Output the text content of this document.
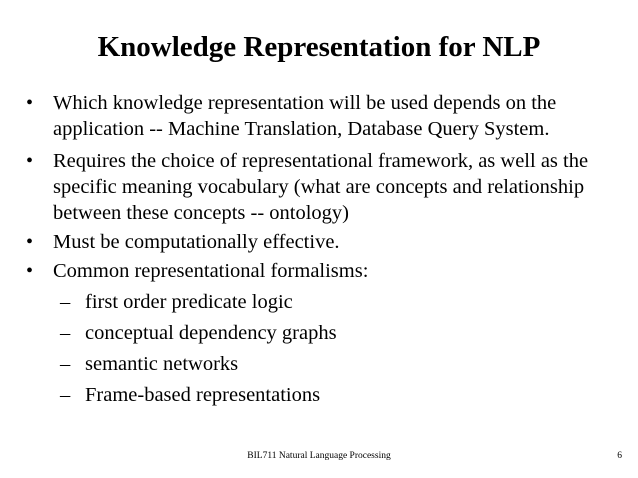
Knowledge Representation for NLP
• Which knowledge representation will be used depends on the
application -- Machine Translation, Database Query System.
• Requires the choice of representational framework, as well as the
specific meaning vocabulary (what are concepts and relationship
between these concepts -- ontology)
• Must be computationally effective.
• Common representational formalisms:
– first order predicate logic
– conceptual dependency graphs
– semantic networks
– Frame-based representations
BIL711 Natural Language Processing	6
